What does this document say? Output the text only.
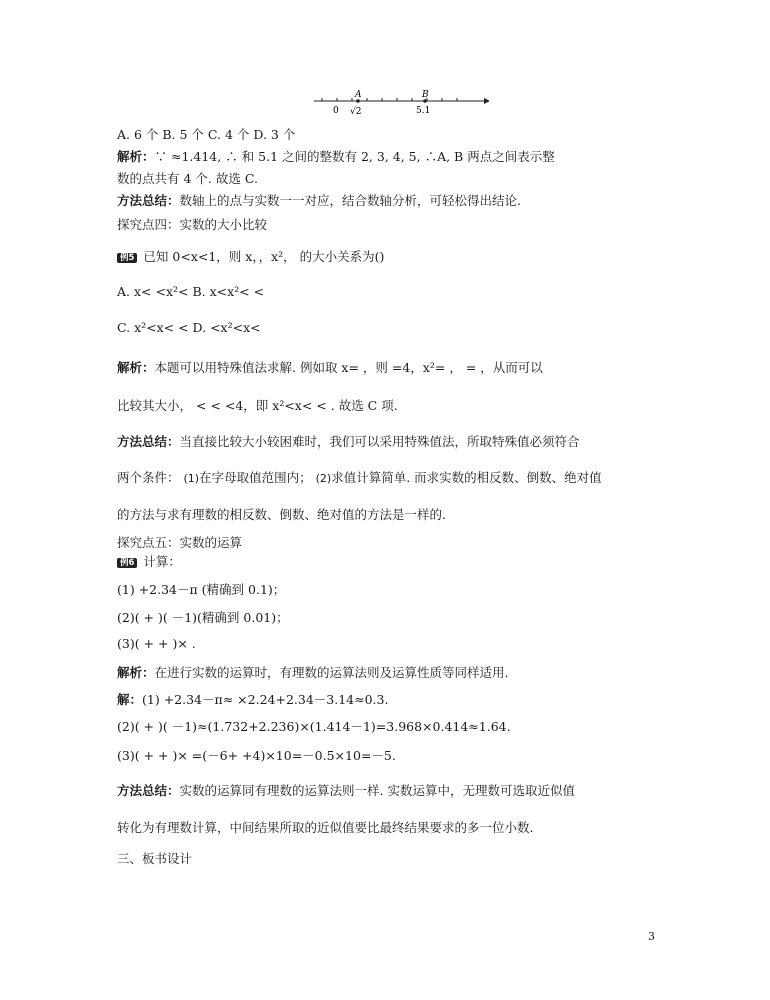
A	B
0 √2	5.1
A. 6 个 B. 5 个 C. 4 个 D. 3 个
解析：∵ ≈1.414, ∴ 和 5.1 之间的整数有 2, 3, 4, 5, ∴A, B 两点之间表示整
数的点共有 4 个. 故选 C.
方法总结：数轴上的点与实数一一对应，结合数轴分析，可轻松得出结论.
探究点四：实数的大小比较
例5 已知 0<x<1，则 x，，x²， 的大小关系为()
A. x< <x²< B. x<x²< <
C. x²<x< < D. <x²<x<
解析：本题可以用特殊值法求解. 例如取 x= ，则 =4，x²= ， = ，从而可以
比较其大小， < < <4，即 x²<x< < . 故选 C 项.
方法总结：当直接比较大小较困难时，我们可以采用特殊值法，所取特殊值必须符合
两个条件： (1)在字母取值范围内； (2)求值计算简单. 而求实数的相反数、倒数、绝对值
的方法与求有理数的相反数、倒数、绝对值的方法是一样的.
探究点五：实数的运算
例6 计算：
(1) +2.34－π (精确到 0.1)；
(2)( + )( －1)(精确到 0.01)；
(3)( + + )× .
解析：在进行实数的运算时，有理数的运算法则及运算性质等同样适用.
解：(1) +2.34－π≈ ×2.24+2.34－3.14≈0.3.
(2)( + )( －1)≈(1.732+2.236)×(1.414－1)=3.968×0.414≈1.64.
(3)( + + )× =(－6+ +4)×10=－0.5×10=－5.
方法总结：实数的运算同有理数的运算法则一样. 实数运算中，无理数可选取近似值
转化为有理数计算，中间结果所取的近似值要比最终结果要求的多一位小数.
三、板书设计
3
